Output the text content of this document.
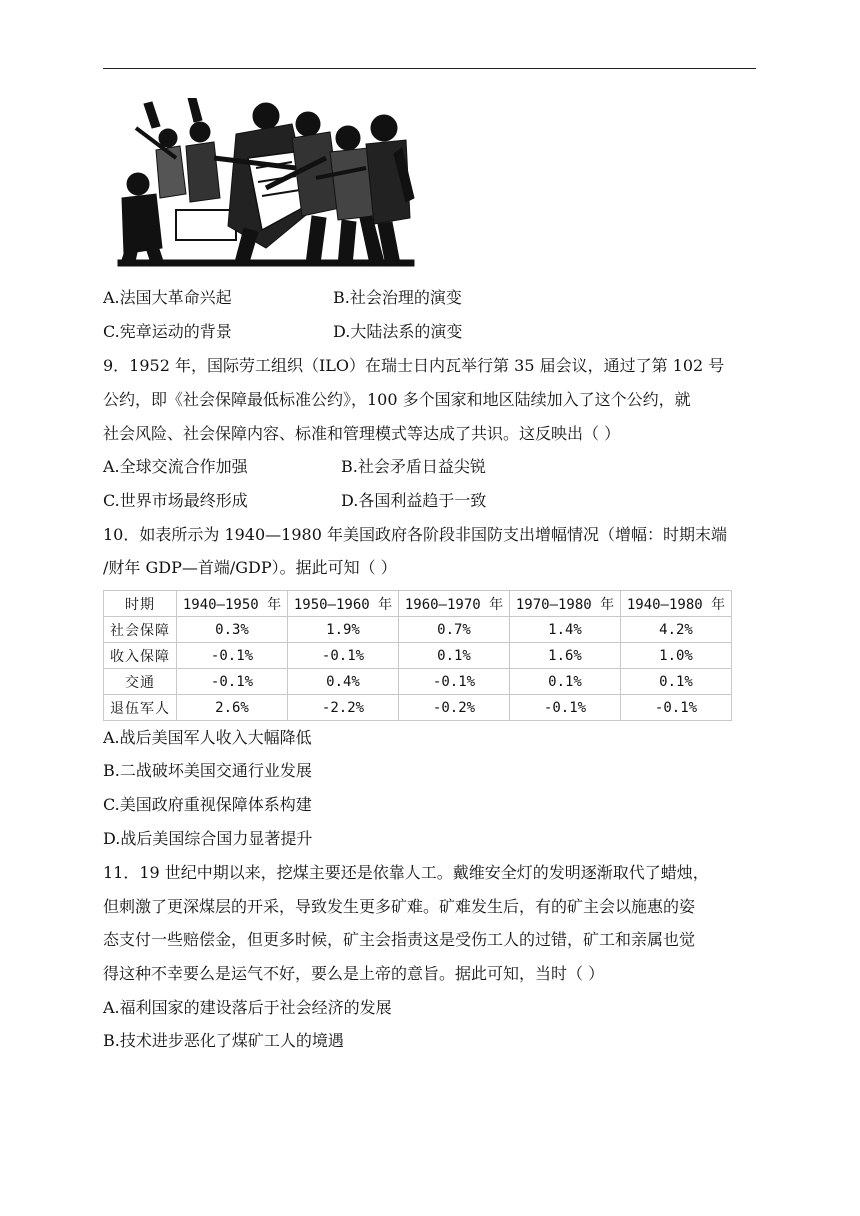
A.法国大革命兴起	B.社会治理的演变
C.宪章运动的背景	D.大陆法系的演变
9．1952 年，国际劳工组织（ILO）在瑞士日内瓦举行第 35 届会议，通过了第 102 号
公约，即《社会保障最低标准公约》，100 多个国家和地区陆续加入了这个公约，就
社会风险、社会保障内容、标准和管理模式等达成了共识。这反映出（ ）
A.全球交流合作加强	B.社会矛盾日益尖锐
C.世界市场最终形成	D.各国利益趋于一致
10．如表所示为 1940—1980 年美国政府各阶段非国防支出增幅情况（增幅：时期末端
/财年 GDP—首端/GDP）。据此可知（ ）
时期	1940—1950 年	1950—1960 年	1960—1970 年	1970—1980 年	1940—1980 年
社会保障	0.3%	1.9%	0.7%	1.4%	4.2%
收入保障	-0.1%	-0.1%	0.1%	1.6%	1.0%
交通	-0.1%	0.4%	-0.1%	0.1%	0.1%
退伍军人	2.6%	-2.2%	-0.2%	-0.1%	-0.1%
A.战后美国军人收入大幅降低
B.二战破坏美国交通行业发展
C.美国政府重视保障体系构建
D.战后美国综合国力显著提升
11．19 世纪中期以来，挖煤主要还是依靠人工。戴维安全灯的发明逐渐取代了蜡烛，
但刺激了更深煤层的开采，导致发生更多矿难。矿难发生后，有的矿主会以施惠的姿
态支付一些赔偿金，但更多时候，矿主会指责这是受伤工人的过错，矿工和亲属也觉
得这种不幸要么是运气不好，要么是上帝的意旨。据此可知，当时（ ）
A.福利国家的建设落后于社会经济的发展
B.技术进步恶化了煤矿工人的境遇
